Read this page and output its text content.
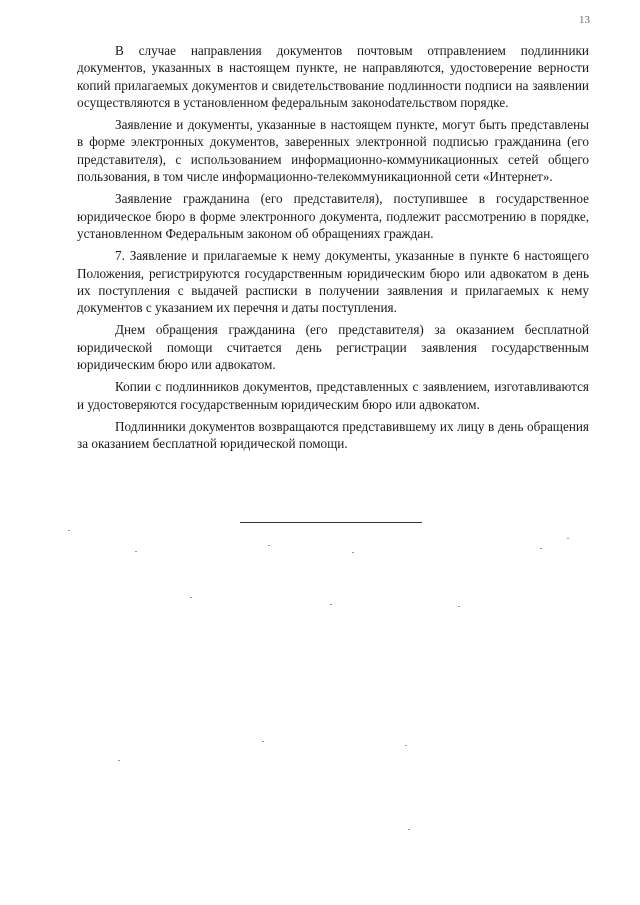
13

В случае направления документов почтовым отправлением подлинники документов, указанных в настоящем пункте, не направляются, удостоверение верности копий прилагаемых документов и свидетельствование подлинности подписи на заявлении осуществляются в установленном федеральным законоdательством порядке.

Заявление и документы, указанные в настоящем пункте, могут быть представлены в форме электронных документов, заверенных электронной подписью гражданина (его представителя), с использованием информационно-коммуникационных сетей общего пользования, в том числе информационно-телекоммуникационной сети «Интернет».

Заявление гражданина (его представителя), поступившее в государственное юридическое бюро в форме электронного документа, подлежит рассмотрению в порядке, установленном Федеральным законом об обращениях граждан.

7. Заявление и прилагаемые к нему документы, указанные в пункте 6 настоящего Положения, регистрируются государственным юридическим бюро или адвокатом в день их поступления с выдачей расписки в получении заявления и прилагаемых к нему документов с указанием их перечня и даты поступления.

Днем обращения гражданина (его представителя) за оказанием бесплатной юридической помощи считается день регистрации заявления государственным юридическим бюро или адвокатом.

Копии с подлинников документов, представленных с заявлением, изготавливаются и удостоверяются государственным юридическим бюро или адвокатом.

Подлинники документов возвращаются представившему их лицу в день обращения за оказанием бесплатной юридической помощи.
